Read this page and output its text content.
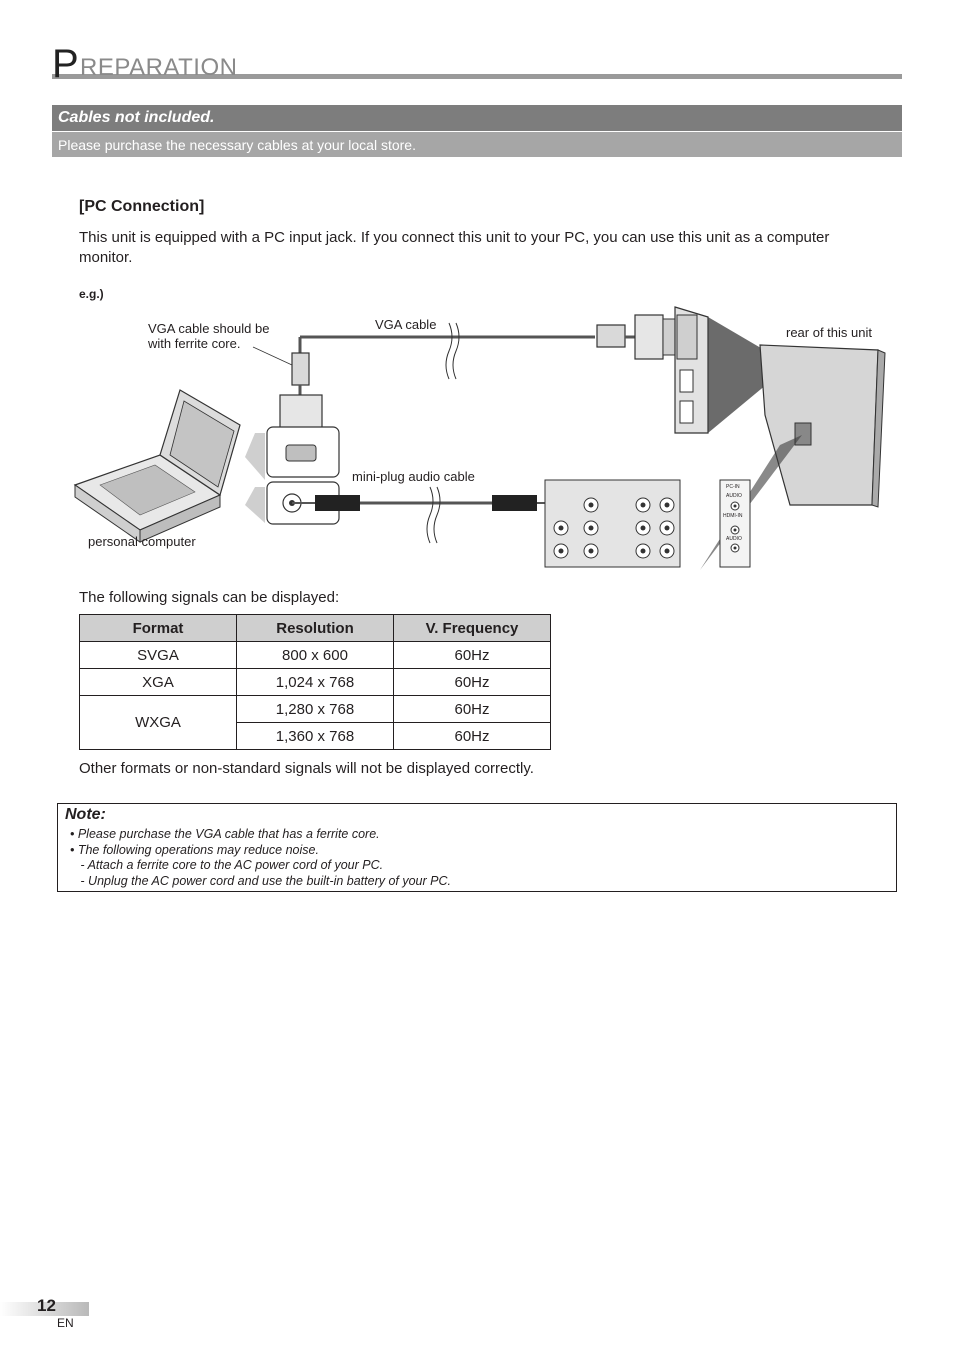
P REPARATION
Cables not included.
Please purchase the necessary cables at your local store.
[PC Connection]
This unit is equipped with a PC input jack. If you connect this unit to your PC, you can use this unit as a computer monitor.
e.g.)
VGA cable should be
with ferrite core.
VGA cable
rear of this unit
mini-plug audio cable
personal computer
PC-IN
AUDIO
HDMI-IN
AUDIO
The following signals can be displayed:
Format	Resolution	V. Frequency
SVGA	800 x 600	60Hz
XGA	1,024 x 768	60Hz
WXGA	1,280 x 768	60Hz
	1,360 x 768	60Hz
Other formats or non-standard signals will not be displayed correctly.
Note:
• Please purchase the VGA cable that has a ferrite core.
• The following operations may reduce noise.
- Attach a ferrite core to the AC power cord of your PC.
- Unplug the AC power cord and use the built-in battery of your PC.
12
EN
